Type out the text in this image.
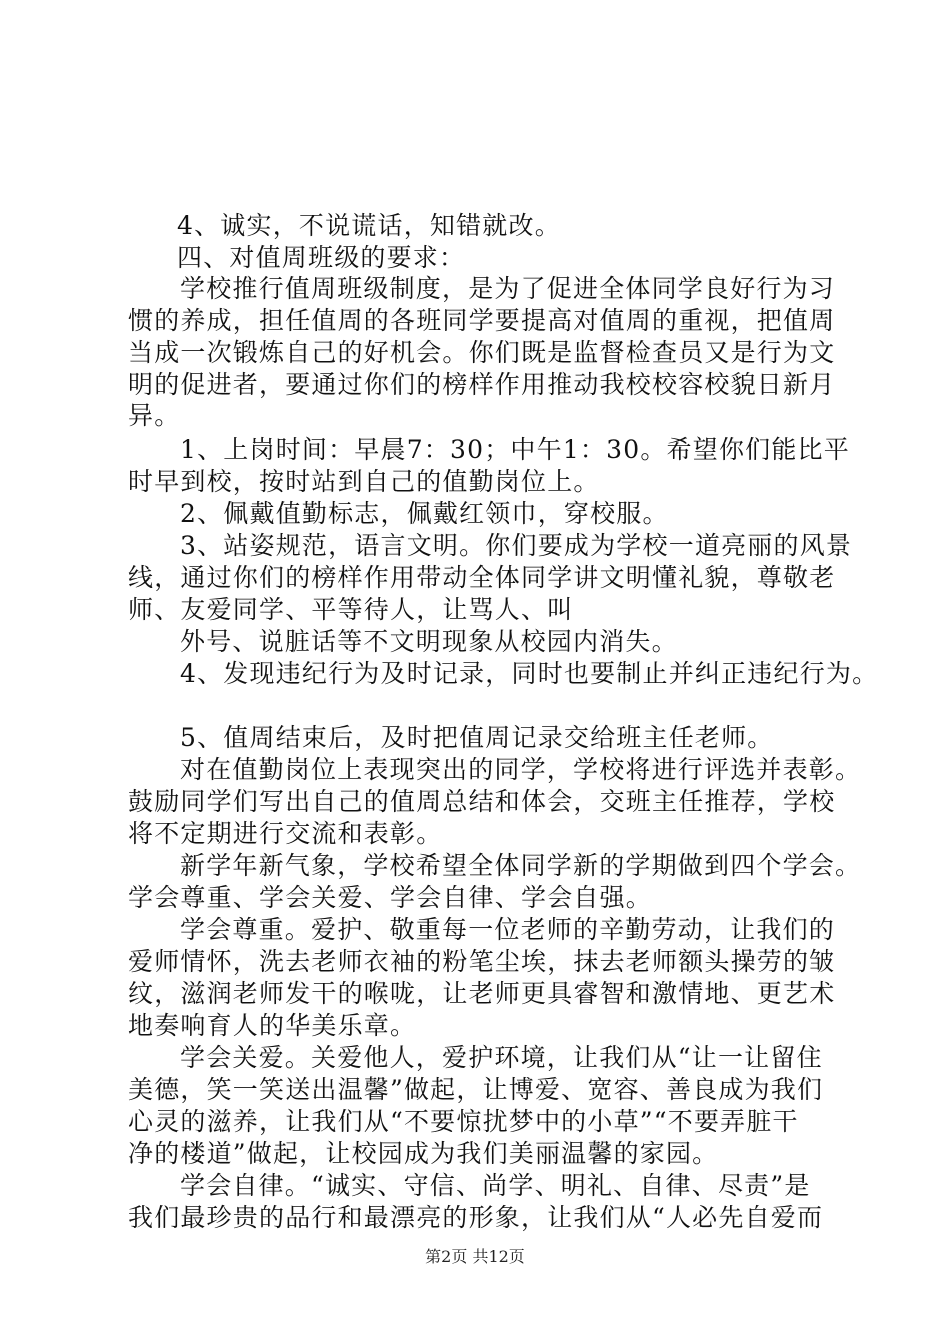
4、诚实，不说谎话，知错就改。
四、对值周班级的要求：
学校推行值周班级制度，是为了促进全体同学良好行为习
惯的养成，担任值周的各班同学要提高对值周的重视，把值周
当成一次锻炼自己的好机会。你们既是监督检查员又是行为文
明的促进者，要通过你们的榜样作用推动我校校容校貌日新月
异。
1、上岗时间：早晨7：30；中午1：30。希望你们能比平
时早到校，按时站到自己的值勤岗位上。
2、佩戴值勤标志，佩戴红领巾，穿校服。
3、站姿规范，语言文明。你们要成为学校一道亮丽的风景
线，通过你们的榜样作用带动全体同学讲文明懂礼貌，尊敬老
师、友爱同学、平等待人，让骂人、叫
外号、说脏话等不文明现象从校园内消失。
4、发现违纪行为及时记录，同时也要制止并纠正违纪行为。
5、值周结束后，及时把值周记录交给班主任老师。
对在值勤岗位上表现突出的同学，学校将进行评选并表彰。
鼓励同学们写出自己的值周总结和体会，交班主任推荐，学校
将不定期进行交流和表彰。
新学年新气象，学校希望全体同学新的学期做到四个学会。
学会尊重、学会关爱、学会自律、学会自强。
学会尊重。爱护、敬重每一位老师的辛勤劳动，让我们的
爱师情怀，洗去老师衣袖的粉笔尘埃，抹去老师额头操劳的皱
纹，滋润老师发干的喉咙，让老师更具睿智和激情地、更艺术
地奏响育人的华美乐章。
学会关爱。关爱他人，爱护环境，让我们从“让一让留住
美德，笑一笑送出温馨”做起，让博爱、宽容、善良成为我们
心灵的滋养，让我们从“不要惊扰梦中的小草”“不要弄脏干
净的楼道”做起，让校园成为我们美丽温馨的家园。
学会自律。“诚实、守信、尚学、明礼、自律、尽责”是
我们最珍贵的品行和最漂亮的形象，让我们从“人必先自爱而
第2页 共12页
